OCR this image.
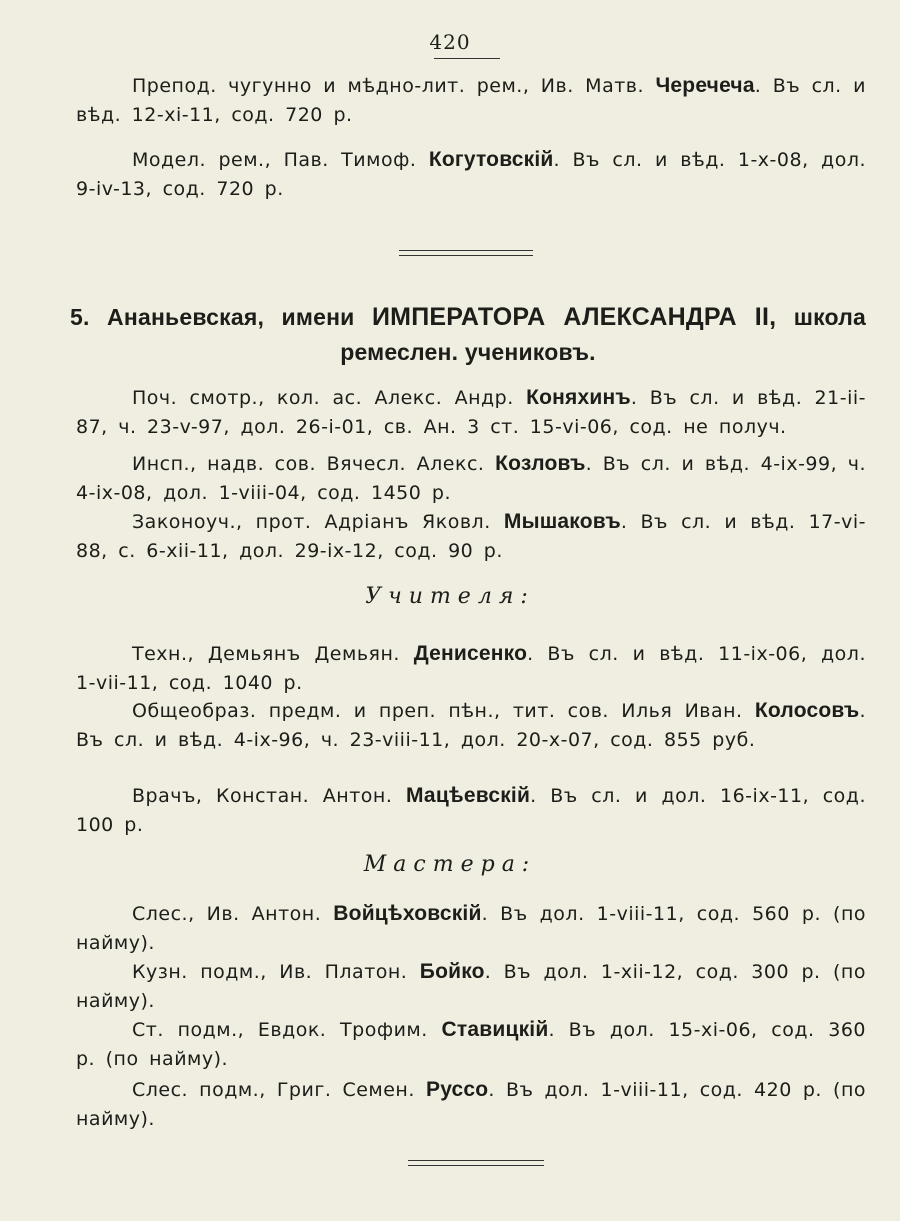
420

Препод. чугунно и мѣдно-лит. рем., Ив. Матв. Черечеча. Въ сл. и вѣд. 12-xi-11, сод. 720 р.

Модел. рем., Пав. Тимоф. Когутовскій. Въ сл. и вѣд. 1-x-08, дол. 9-iv-13, сод. 720 р.

5. Ананьевская, имени ИМПЕРАТОРА АЛЕКСАНДРА II, школа
ремеслен. учениковъ.

Поч. смотр., кол. ас. Алекс. Андр. Коняхинъ. Въ сл. и вѣд. 21-ii-87, ч. 23-v-97, дол. 26-i-01, св. Ан. 3 ст. 15-vi-06, сод. не получ.

Инсп., надв. сов. Вячесл. Алекс. Козловъ. Въ сл. и вѣд. 4-ix-99, ч. 4-ix-08, дол. 1-viii-04, сод. 1450 р.

Законоуч., прот. Адріанъ Яковл. Мышаковъ. Въ сл. и вѣд. 17-vi-88, с. 6-xii-11, дол. 29-ix-12, сод. 90 р.

Учителя:

Техн., Демьянъ Демьян. Денисенко. Въ сл. и вѣд. 11-ix-06, дол. 1-vii-11, сод. 1040 р.

Общеобраз. предм. и преп. пѣн., тит. сов. Илья Иван. Колосовъ. Въ сл. и вѣд. 4-ix-96, ч. 23-viii-11, дол. 20-x-07, сод. 855 руб.

Врачъ, Констан. Антон. Мацѣевскій. Въ сл. и дол. 16-ix-11, сод. 100 р.

Мастера:

Слес., Ив. Антон. Войцѣховскій. Въ дол. 1-viii-11, сод. 560 р. (по найму).

Кузн. подм., Ив. Платон. Бойко. Въ дол. 1-xii-12, сод. 300 р. (по найму).

Ст. подм., Евдок. Трофим. Ставицкій. Въ дол. 15-xi-06, сод. 360 р. (по найму).

Слес. подм., Григ. Семен. Руссо. Въ дол. 1-viii-11, сод. 420 р. (по найму).
